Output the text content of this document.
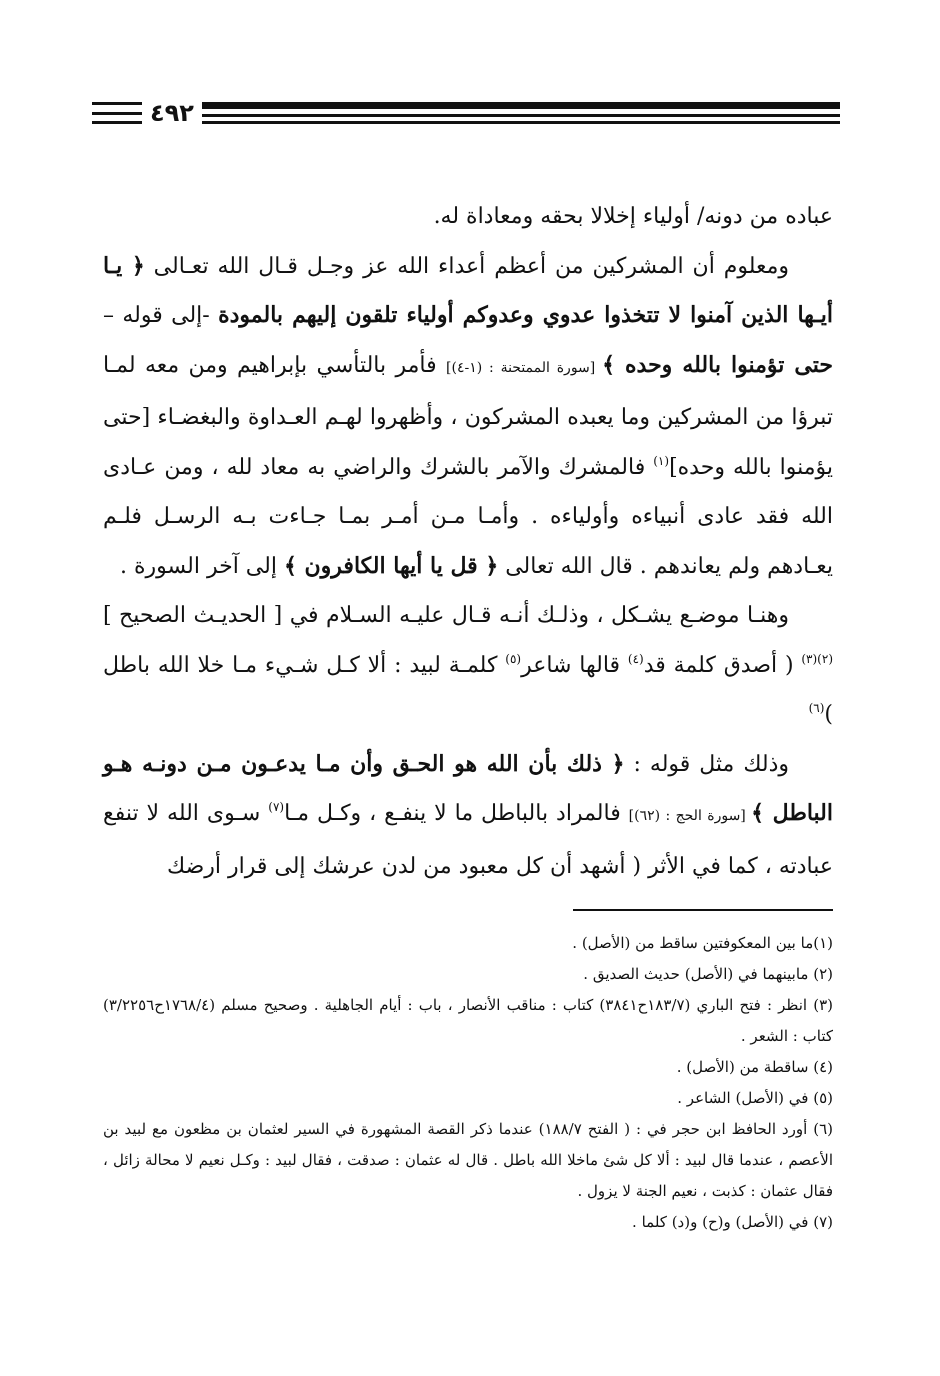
٤٩٢

عباده من دونه/ أولياء إخلالا بحقه ومعاداة له.

ومعلوم أن المشركين من أعظم أعداء الله عز وجـل قـال الله تعـالى ﴿ يـا أيـها الذين آمنوا لا تتخذوا عدوي وعدوكم أولياء تلقون إليهم بالمودة -إلى قوله – حتى تؤمنوا بالله وحده ﴾ [سورة الممتحنة : (١-٤)] فأمر بالتأسي بإبراهيم ومن معه لمـا تبرؤا من المشركين وما يعبده المشركون ، وأظهروا لهـم العـداوة والبغضـاء [حتى يؤمنوا بالله وحده]$^{(١)}$ فالمشرك والآمر بالشرك والراضي به معاد لله ، ومن عـادى الله فقد عادى أنبياءه وأولياءه . وأمـا مـن أمـر بمـا جـاءت بـه الرسـل فلـم يعـادهم ولم يعاندهم . قال الله تعالى ﴿ قل يا أيها الكافرون ﴾ إلى آخر السورة .

وهنـا موضـع يشـكل ، وذلـك أنـه قـال عليـه السـلام في [ الحديـث الصحيح ]$^{(٢)(٣)}$ ( أصدق كلمة قد$^{(٤)}$ قالها شاعر$^{(٥)}$ كلمـة لبيد : ألا كـل شـيء مـا خلا الله باطل )$^{(٦)}$

وذلك مثل قوله : ﴿ ذلك بأن الله هو الحـق وأن مـا يدعـون مـن دونـه هـو الباطل ﴾ [سورة الحج : (٦٢)] فالمراد بالباطل ما لا ينفـع ، وكـل مـا$^{(٧)}$ سـوى الله لا تنفع عبادته ، كما في الأثر ( أشهد أن كل معبود من لدن عرشك إلى قرار أرضك

(١)ما بين المعكوفتين ساقط من (الأصل) .

(٢) مابينهما في (الأصل) حديث الصديق .

(٣) انظر : فتح الباري (١٨٣/٧ح٣٨٤١) كتاب : مناقب الأنصار ، باب : أيام الجاهلية . وصحيح مسلم (١٧٦٨/٤ح٣/٢٢٥٦) كتاب : الشعر .

(٤) ساقطة من (الأصل) .

(٥) في (الأصل) الشاعر .

(٦) أورد الحافظ ابن حجر في : ( الفتح ١٨٨/٧) عندما ذكر القصة المشهورة في السير لعثمان بن مظعون مع لبيد بن الأعصم ، عندما قال لبيد : ألا كل شئ ماخلا الله باطل . قال له عثمان : صدقت ، فقال لبيد : وكـل نعيم لا محالة زائل ، فقال عثمان : كذبت ، نعيم الجنة لا يزول .

(٧) في (الأصل) و(ح) و(د) كلما .
